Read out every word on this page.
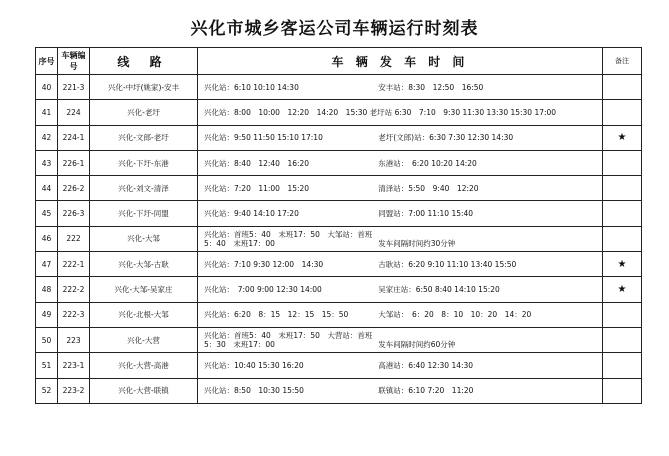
兴化市城乡客运公司车辆运行时刻表
序号	车辆编号	线 路	车 辆 发 车 时 间	备注
40	221-3	兴化-中圩(姚家)-安丰	兴化站：6:10 10:10 14:30 安丰站：8:30　12:50　16:50	
41	224	兴化-老圩	兴化站：8:00　10:00　12:20　14:20　15:30 老圩站 6:30　7:10　9:30 11:30 13:30 15:30 17:00	
42	224-1	兴化-文郎-老圩	兴化站：9:50 11:50 15:10 17:10 老圩(文郎)站：6:30 7:30 12:30 14:30	★
43	226-1	兴化-下圩-东港	兴化站：8:40　12:40　16:20 东港站：　6:20 10:20 14:20	
44	226-2	兴化-刘文-清泽	兴化站：7:20　11:00　15:20 清泽站：5:50　9:40　12:20	
45	226-3	兴化-下圩-同盟	兴化站：9:40 14:10 17:20 同盟站：7:00 11:10 15:40	
46	222	兴化-大邹	兴化站：首班5：40　末班17：50　大邹站：首班5：40　末班17：00 发车间隔时间约30分钟	
47	222-1	兴化-大邹-古耿	兴化站：7:10 9:30 12:00　14:30 古耿站：6:20 9:10 11:10 13:40 15:50	★
48	222-2	兴化-大邹-吴家庄	兴化站：　7:00 9:00 12:30 14:00 吴家庄站：6:50 8:40 14:10 15:20	★
49	222-3	兴化-北根-大邹	兴化站：6:20　8：15　12：15　15：50 大邹站：　6：20　8：10　10：20　14：20	
50	223	兴化-大营	兴化站：首班5：40　末班17：50　大营站：首班5：30　末班17：00 发车间隔时间约60分钟	
51	223-1	兴化-大营-高港	兴化站：10:40 15:30 16:20 高港站：6:40 12:30 14:30	
52	223-2	兴化-大营-联镇	兴化站：8:50　10:30 15:50 联镇站：6:10 7:20　11:20	
